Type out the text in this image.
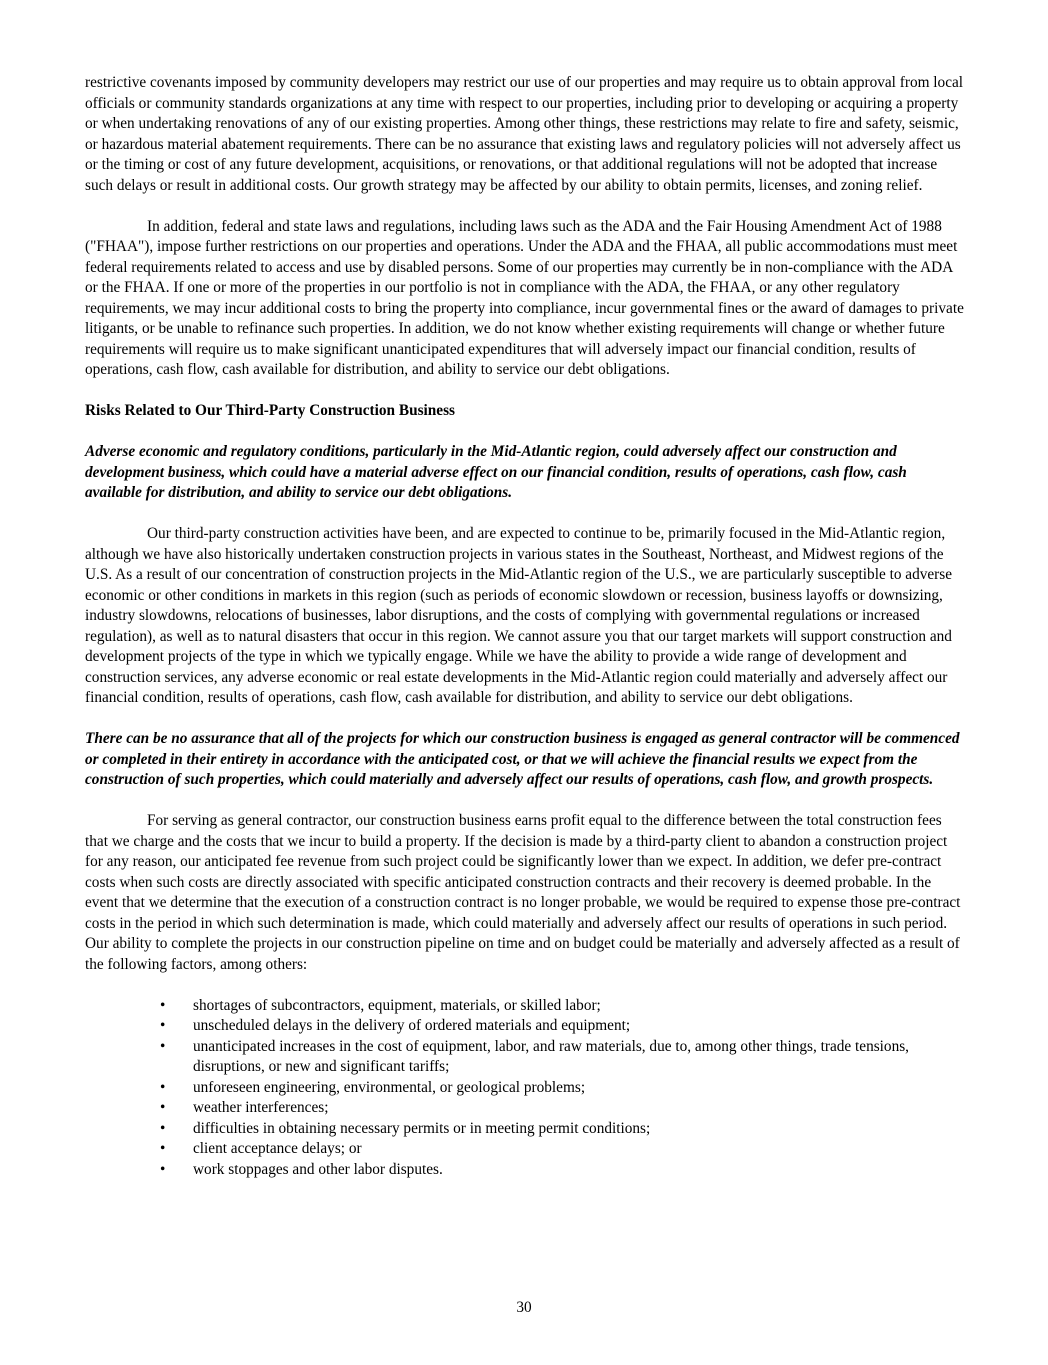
restrictive covenants imposed by community developers may restrict our use of our properties and may require us to obtain approval from local officials or community standards organizations at any time with respect to our properties, including prior to developing or acquiring a property or when undertaking renovations of any of our existing properties. Among other things, these restrictions may relate to fire and safety, seismic, or hazardous material abatement requirements. There can be no assurance that existing laws and regulatory policies will not adversely affect us or the timing or cost of any future development, acquisitions, or renovations, or that additional regulations will not be adopted that increase such delays or result in additional costs. Our growth strategy may be affected by our ability to obtain permits, licenses, and zoning relief.

In addition, federal and state laws and regulations, including laws such as the ADA and the Fair Housing Amendment Act of 1988 ("FHAA"), impose further restrictions on our properties and operations. Under the ADA and the FHAA, all public accommodations must meet federal requirements related to access and use by disabled persons. Some of our properties may currently be in non-compliance with the ADA or the FHAA. If one or more of the properties in our portfolio is not in compliance with the ADA, the FHAA, or any other regulatory requirements, we may incur additional costs to bring the property into compliance, incur governmental fines or the award of damages to private litigants, or be unable to refinance such properties. In addition, we do not know whether existing requirements will change or whether future requirements will require us to make significant unanticipated expenditures that will adversely impact our financial condition, results of operations, cash flow, cash available for distribution, and ability to service our debt obligations.

Risks Related to Our Third-Party Construction Business

Adverse economic and regulatory conditions, particularly in the Mid-Atlantic region, could adversely affect our construction and development business, which could have a material adverse effect on our financial condition, results of operations, cash flow, cash available for distribution, and ability to service our debt obligations.

Our third-party construction activities have been, and are expected to continue to be, primarily focused in the Mid-Atlantic region, although we have also historically undertaken construction projects in various states in the Southeast, Northeast, and Midwest regions of the U.S. As a result of our concentration of construction projects in the Mid-Atlantic region of the U.S., we are particularly susceptible to adverse economic or other conditions in markets in this region (such as periods of economic slowdown or recession, business layoffs or downsizing, industry slowdowns, relocations of businesses, labor disruptions, and the costs of complying with governmental regulations or increased regulation), as well as to natural disasters that occur in this region. We cannot assure you that our target markets will support construction and development projects of the type in which we typically engage. While we have the ability to provide a wide range of development and construction services, any adverse economic or real estate developments in the Mid-Atlantic region could materially and adversely affect our financial condition, results of operations, cash flow, cash available for distribution, and ability to service our debt obligations.

There can be no assurance that all of the projects for which our construction business is engaged as general contractor will be commenced or completed in their entirety in accordance with the anticipated cost, or that we will achieve the financial results we expect from the construction of such properties, which could materially and adversely affect our results of operations, cash flow, and growth prospects.

For serving as general contractor, our construction business earns profit equal to the difference between the total construction fees that we charge and the costs that we incur to build a property. If the decision is made by a third-party client to abandon a construction project for any reason, our anticipated fee revenue from such project could be significantly lower than we expect. In addition, we defer pre-contract costs when such costs are directly associated with specific anticipated construction contracts and their recovery is deemed probable. In the event that we determine that the execution of a construction contract is no longer probable, we would be required to expense those pre-contract costs in the period in which such determination is made, which could materially and adversely affect our results of operations in such period. Our ability to complete the projects in our construction pipeline on time and on budget could be materially and adversely affected as a result of the following factors, among others:

• shortages of subcontractors, equipment, materials, or skilled labor;
• unscheduled delays in the delivery of ordered materials and equipment;
• unanticipated increases in the cost of equipment, labor, and raw materials, due to, among other things, trade tensions, disruptions, or new and significant tariffs;
• unforeseen engineering, environmental, or geological problems;
• weather interferences;
• difficulties in obtaining necessary permits or in meeting permit conditions;
• client acceptance delays; or
• work stoppages and other labor disputes.
30
